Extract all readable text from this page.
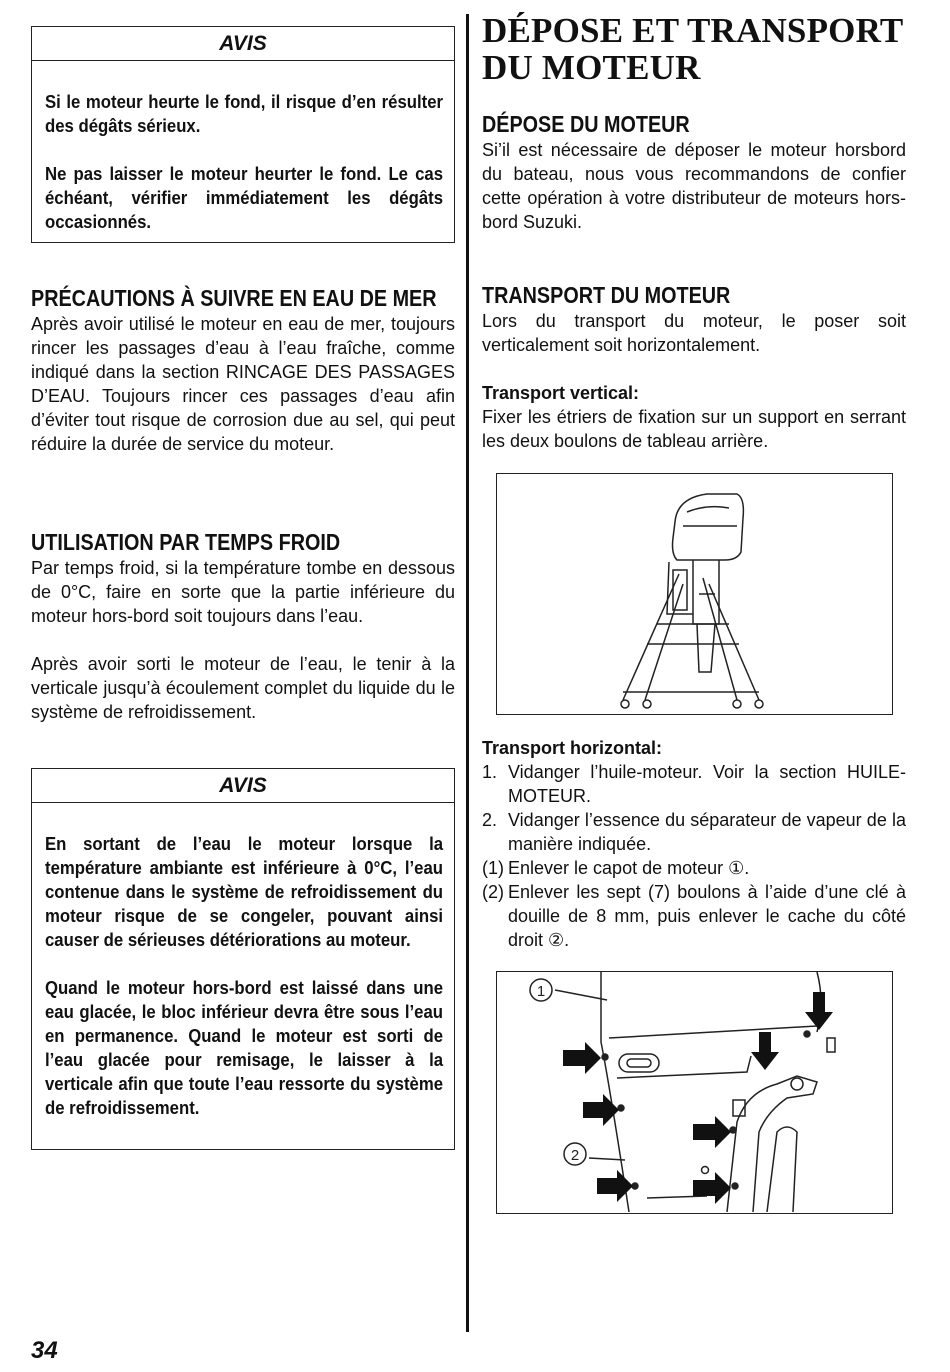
AVIS

Si le moteur heurte le fond, il risque d’en résulter des dégâts sérieux.

Ne pas laisser le moteur heurter le fond. Le cas échéant, vérifier immédiatement les dégâts occasionnés.

PRÉCAUTIONS À SUIVRE EN EAU DE MER

Après avoir utilisé le moteur en eau de mer, toujours rincer les passages d’eau à l’eau fraîche, comme indiqué dans la section RINCAGE DES PASSAGES D’EAU. Toujours rincer ces passages d’eau afin d’éviter tout risque de corrosion due au sel, qui peut réduire la durée de service du moteur.

UTILISATION PAR TEMPS FROID

Par temps froid, si la température tombe en dessous de 0°C, faire en sorte que la partie inférieure du moteur hors-bord soit toujours dans l’eau.

Après avoir sorti le moteur de l’eau, le tenir à la verticale jusqu’à écoulement complet du liquide du le système de refroidissement.

AVIS

En sortant de l’eau le moteur lorsque la température ambiante est inférieure à 0°C, l’eau contenue dans le système de refroidissement du moteur risque de se congeler, pouvant ainsi causer de sérieuses détériorations au moteur.

Quand le moteur hors-bord est laissé dans une eau glacée, le bloc inférieur devra être sous l’eau en permanence. Quand le moteur est sorti de l’eau glacée pour remisage, le laisser à la verticale afin que toute l’eau ressorte du système de refroidissement.

DÉPOSE ET TRANSPORT
DU MOTEUR
DÉPOSE DU MOTEUR

Si’il est nécessaire de déposer le moteur horsbord du bateau, nous vous recommandons de confier cette opération à votre distributeur de moteurs hors-bord Suzuki.

TRANSPORT DU MOTEUR

Lors du transport du moteur, le poser soit verticalement soit horizontalement.

Transport vertical:

Fixer les étriers de fixation sur un support en serrant les deux boulons de tableau arrière.

Transport horizontal:

1. Vidanger l’huile-moteur. Voir la section HUILE-MOTEUR.
2. Vidanger l’essence du séparateur de vapeur de la manière indiquée.
(1) Enlever le capot de moteur ①.
(2) Enlever les sept (7) boulons à l’aide d’une clé à douille de 8 mm, puis enlever le cache du côté droit ②.
1
2
34
